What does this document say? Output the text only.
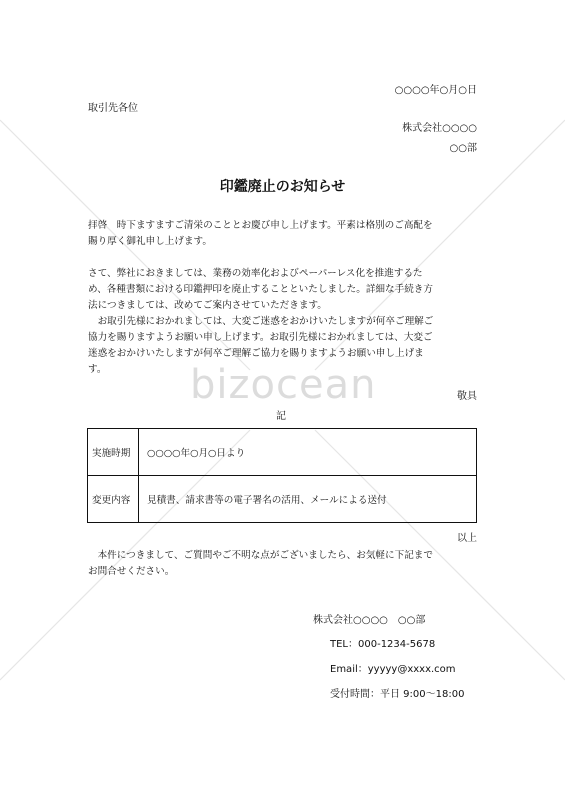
bizocean
○○○○年○月○日
取引先各位
株式会社○○○○
○○部
印鑑廃止のお知らせ
拝啓　時下ますますご清栄のこととお慶び申し上げます。平素は格別のご高配を
賜り厚く御礼申し上げます。
さて、弊社におきましては、業務の効率化およびペーパーレス化を推進するた
め、各種書類における印鑑押印を廃止することといたしました。詳細な手続き方
法につきましては、改めてご案内させていただきます。
　お取引先様におかれましては、大変ご迷惑をおかけいたしますが何卒ご理解ご
協力を賜りますようお願い申し上げます。お取引先様におかれましては、大変ご
迷惑をおかけいたしますが何卒ご理解ご協力を賜りますようお願い申し上げま
す。
敬具
記
実施時期	○○○○年○月○日より
変更内容	見積書、請求書等の電子署名の活用、メールによる送付
以上
　本件につきまして、ご質問やご不明な点がございましたら、お気軽に下記まで
お問合せください。
株式会社○○○○　○○部
TEL：000-1234-5678
Email：yyyyy@xxxx.com
受付時間：平日 9:00～18:00
